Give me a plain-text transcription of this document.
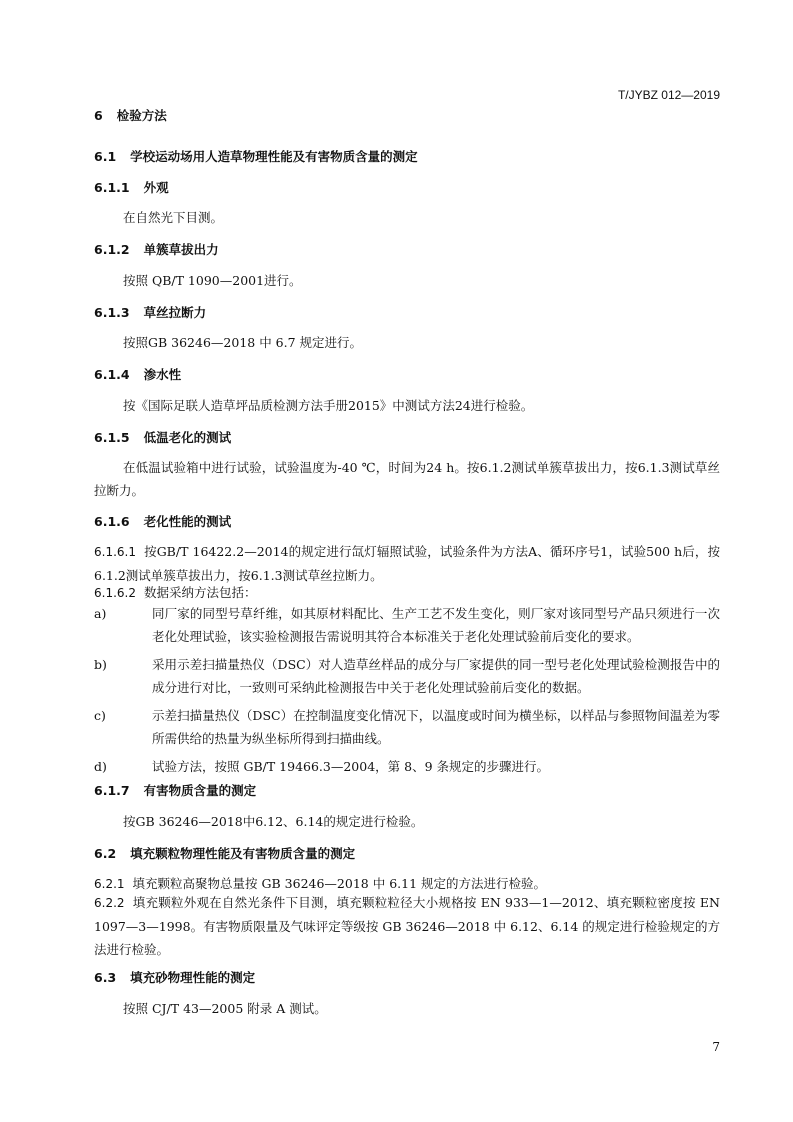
T/JYBZ 012—2019
6 检验方法
6.1 学校运动场用人造草物理性能及有害物质含量的测定
6.1.1 外观
在自然光下目测。
6.1.2 单簇草拔出力
按照 QB/T 1090—2001进行。
6.1.3 草丝拉断力
按照GB 36246—2018 中 6.7 规定进行。
6.1.4 渗水性
按《国际足联人造草坪品质检测方法手册2015》中测试方法24进行检验。
6.1.5 低温老化的测试
在低温试验箱中进行试验，试验温度为-40 ℃，时间为24 h。按6.1.2测试单簇草拔出力，按6.1.3测试草丝拉断力。
6.1.6 老化性能的测试
6.1.6.1 按GB/T 16422.2—2014的规定进行氙灯辐照试验，试验条件为方法A、循环序号1，试验500 h后，按6.1.2测试单簇草拔出力，按6.1.3测试草丝拉断力。
6.1.6.2 数据采纳方法包括：
a)	同厂家的同型号草纤维，如其原材料配比、生产工艺不发生变化，则厂家对该同型号产品只须进行一次老化处理试验，该实验检测报告需说明其符合本标准关于老化处理试验前后变化的要求。
b)	采用示差扫描量热仪（DSC）对人造草丝样品的成分与厂家提供的同一型号老化处理试验检测报告中的成分进行对比，一致则可采纳此检测报告中关于老化处理试验前后变化的数据。
c)	示差扫描量热仪（DSC）在控制温度变化情况下，以温度或时间为横坐标，以样品与参照物间温差为零所需供给的热量为纵坐标所得到扫描曲线。
d)	试验方法，按照 GB/T 19466.3—2004，第 8、9 条规定的步骤进行。
6.1.7 有害物质含量的测定
按GB 36246—2018中6.12、6.14的规定进行检验。
6.2 填充颗粒物理性能及有害物质含量的测定
6.2.1 填充颗粒高聚物总量按 GB 36246—2018 中 6.11 规定的方法进行检验。
6.2.2 填充颗粒外观在自然光条件下目测，填充颗粒粒径大小规格按 EN 933—1—2012、填充颗粒密度按 EN 1097—3—1998。有害物质限量及气味评定等级按 GB 36246—2018 中 6.12、6.14 的规定进行检验规定的方法进行检验。
6.3 填充砂物理性能的测定
按照 CJ/T 43—2005 附录 A 测试。
7
